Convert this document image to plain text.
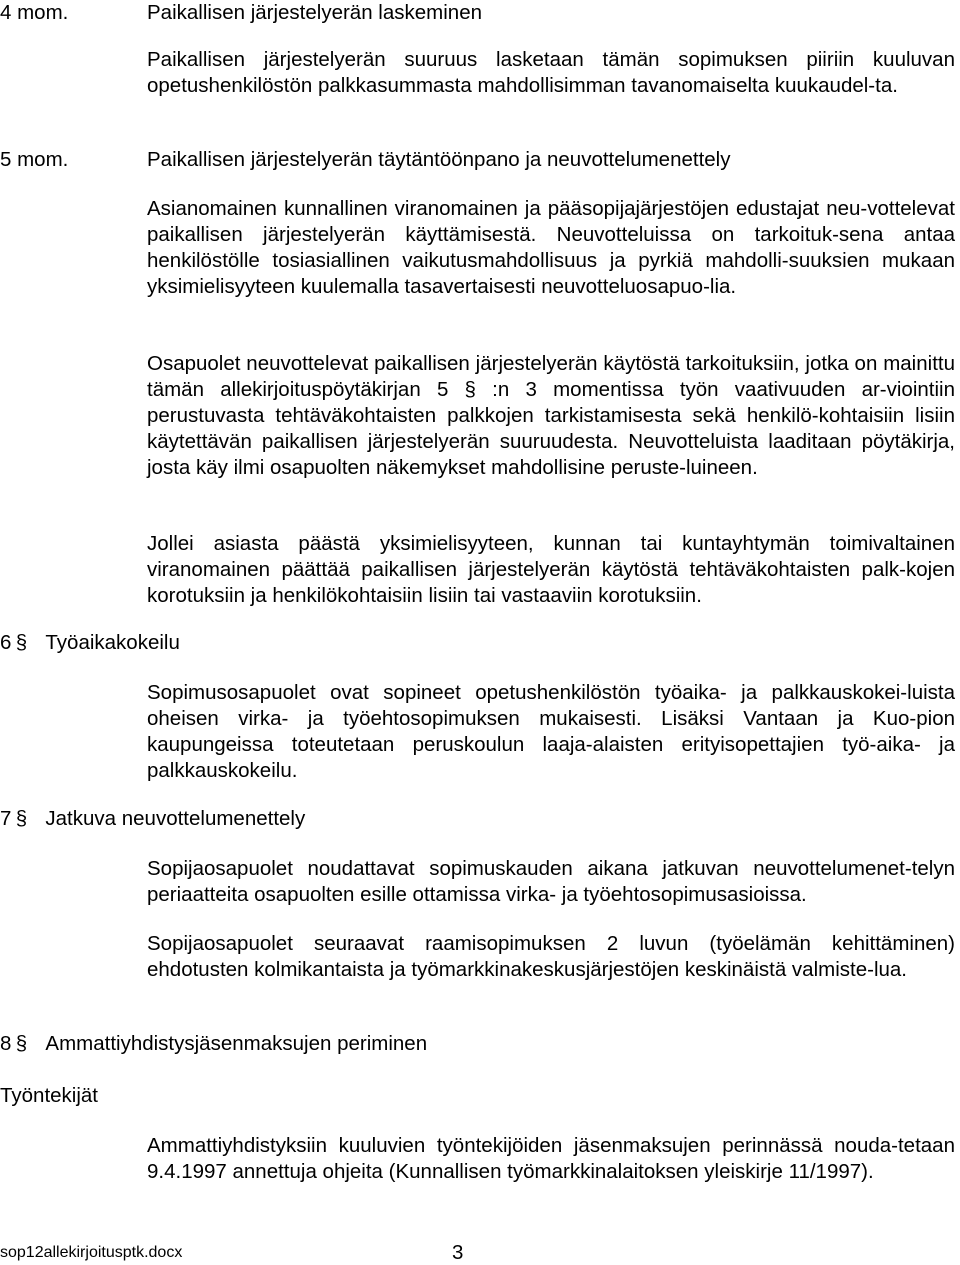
4 mom.	Paikallisen järjestelyerän laskeminen

Paikallisen järjestelyerän suuruus lasketaan tämän sopimuksen piiriin kuuluvan opetushenkilöstön palkkasummasta mahdollisimman tavanomaiselta kuukaudel-ta.

5 mom.	Paikallisen järjestelyerän täytäntöönpano ja neuvottelumenettely

Asianomainen kunnallinen viranomainen ja pääsopijajärjestöjen edustajat neu-vottelevat paikallisen järjestelyerän käyttämisestä. Neuvotteluissa on tarkoituk-sena antaa henkilöstölle tosiasiallinen vaikutusmahdollisuus ja pyrkiä mahdolli-suuksien mukaan yksimielisyyteen kuulemalla tasavertaisesti neuvotteluosapuo-lia.

Osapuolet neuvottelevat paikallisen järjestelyerän käytöstä tarkoituksiin, jotka on mainittu tämän allekirjoituspöytäkirjan 5 § :n 3 momentissa työn vaativuuden ar-viointiin perustuvasta tehtäväkohtaisten palkkojen tarkistamisesta sekä henkilö-kohtaisiin lisiin käytettävän paikallisen järjestelyerän suuruudesta. Neuvotteluista laaditaan pöytäkirja, josta käy ilmi osapuolten näkemykset mahdollisine peruste-luineen.

Jollei asiasta päästä yksimielisyyteen, kunnan tai kuntayhtymän toimivaltainen viranomainen päättää paikallisen järjestelyerän käytöstä tehtäväkohtaisten palk-kojen korotuksiin ja henkilökohtaisiin lisiin tai vastaaviin korotuksiin.

6 § Työaikakokeilu

Sopimusosapuolet ovat sopineet opetushenkilöstön työaika- ja palkkauskokei-luista oheisen virka- ja työehtosopimuksen mukaisesti. Lisäksi Vantaan ja Kuo-pion kaupungeissa toteutetaan peruskoulun laaja-alaisten erityisopettajien työ-aika- ja palkkauskokeilu.

7 § Jatkuva neuvottelumenettely

Sopijaosapuolet noudattavat sopimuskauden aikana jatkuvan neuvottelumenet-telyn periaatteita osapuolten esille ottamissa virka- ja työehtosopimusasioissa.

Sopijaosapuolet seuraavat raamisopimuksen 2 luvun (työelämän kehittäminen) ehdotusten kolmikantaista ja työmarkkinakeskusjärjestöjen keskinäistä valmiste-lua.

8 § Ammattiyhdistysjäsenmaksujen periminen
Työntekijät

Ammattiyhdistyksiin kuuluvien työntekijöiden jäsenmaksujen perinnässä nouda-tetaan 9.4.1997 annettuja ohjeita (Kunnallisen työmarkkinalaitoksen yleiskirje 11/1997).

sop12allekirjoitusptk.docx	3
